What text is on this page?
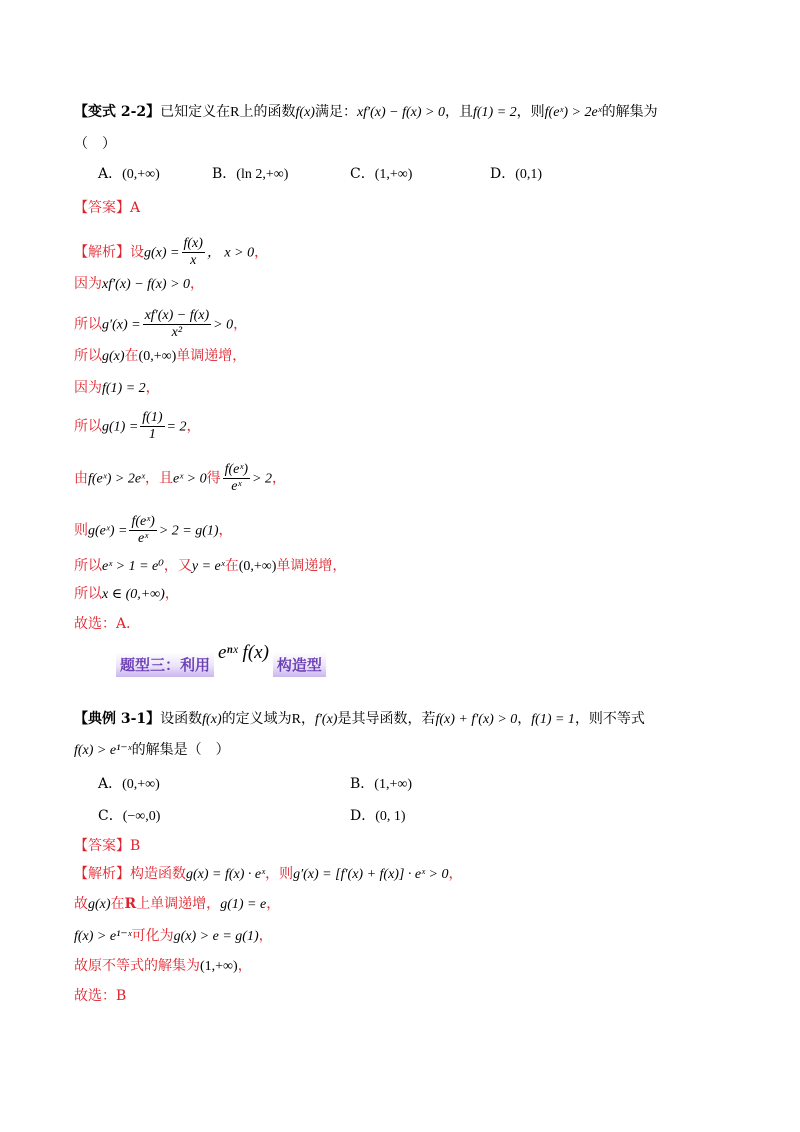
【变式 2-2】已知定义在R上的函数f(x)满足：xf′(x) − f(x) > 0，且f(1) = 2，则f(eˣ) > 2eˣ的解集为
（　）
A．(0,+∞)	B．(ln 2,+∞)	C．(1,+∞)	D．(0,1)
【答案】A
【解析】设$g(x) = \frac{f(x)}{x}$ ， x > 0，
因为xf′(x) − f(x) > 0，
所以$g'(x) = \frac{xf'(x) - f(x)}{\text{x²}} > 0$，
所以g(x)在(0,+∞)单调递增，
因为f(1) = 2，
所以$g(1) = \frac{f(1)}{1} = 2$，
由f(eˣ) > 2eˣ，且eˣ > 0得 $\frac{\text{f(eˣ)}}{\text{eˣ}} > 2$，
则g(eˣ) = $\frac{\text{f(eˣ)}}{\text{eˣ}} > 2 = g(1)$，
所以eˣ > 1 = e⁰，又y = eˣ在(0,+∞)单调递增，
所以x ∈ (0,+∞)，
故选：A．
题型三：利用eⁿˣ f(x)构造型
【典例 3-1】设函数f(x)的定义域为R，f′(x)是其导函数，若f(x) + f′(x) > 0，f(1) = 1，则不等式
f(x) > e¹⁻ˣ的解集是（　）
A．(0,+∞)	B．(1,+∞)
C．(−∞,0)	D．(0, 1)
【答案】B
【解析】构造函数g(x) = f(x) · eˣ，则g′(x) = [f′(x) + f(x)] · eˣ > 0，
故g(x)在R上单调递增，g(1) = e，
f(x) > e¹⁻ˣ可化为g(x) > e = g(1)，
故原不等式的解集为(1,+∞)，
故选：B
